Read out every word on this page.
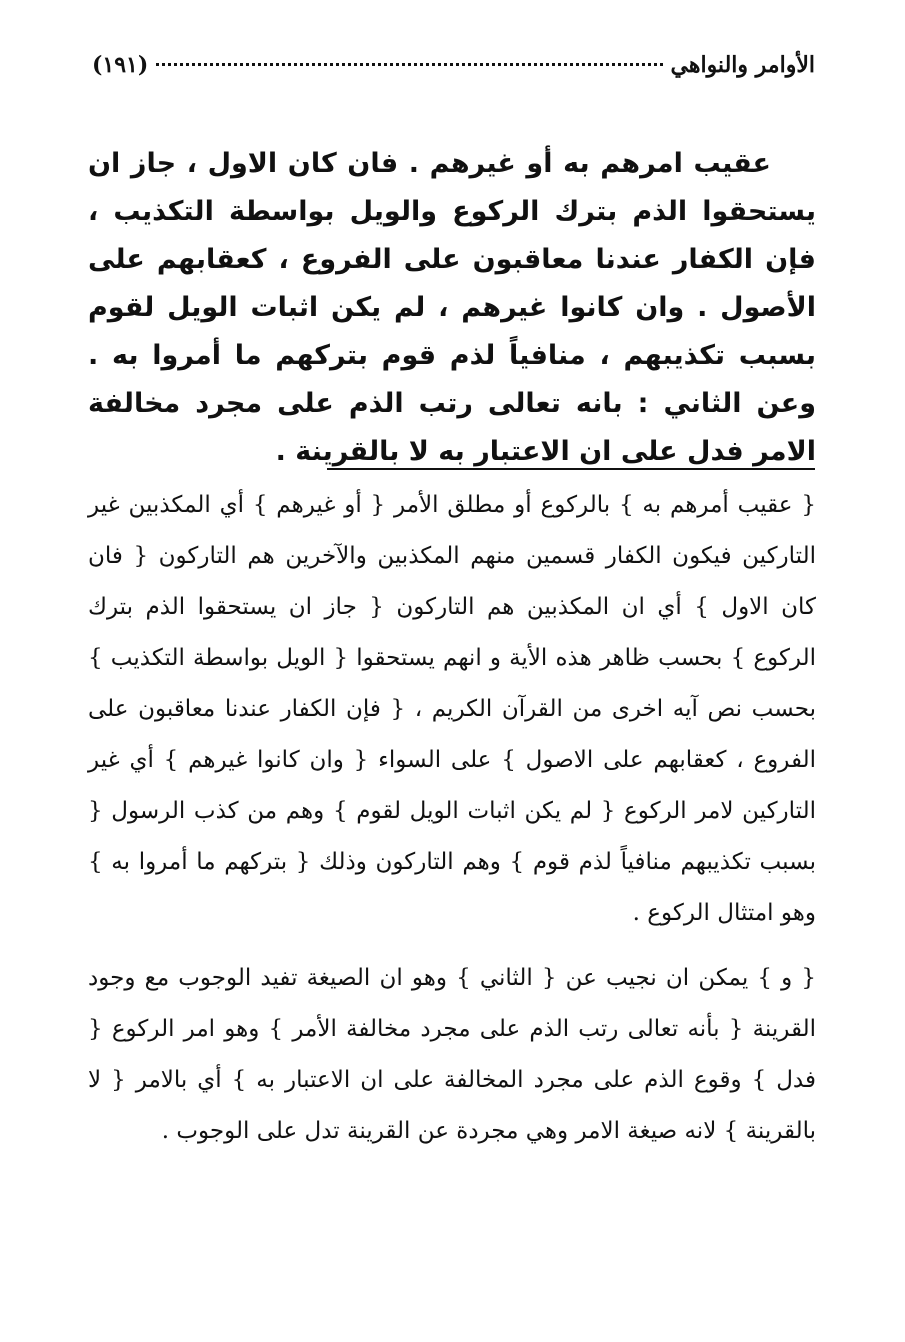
الأوامر والنواهي
(١٩١)

عقيب امرهم به أو غيرهم . فان كان الاول ، جاز ان يستحقوا الذم بترك الركوع والويل بواسطة التكذيب ، فإن الكفار عندنا معاقبون على الفروع ، كعقابهم على الأصول . وان كانوا غيرهم ، لم يكن اثبات الويل لقوم بسبب تكذيبهم ، منافياً لذم قوم بتركهم ما أمروا به . وعن الثاني : بانه تعالى رتب الذم على مجرد مخالفة الامر فدل على ان الاعتبار به لا بالقرينة .

{ عقيب أمرهم به } بالركوع أو مطلق الأمر { أو غيرهم } أي المكذبين غير التاركين فيكون الكفار قسمين منهم المكذبين والآخرين هم التاركون { فان كان الاول } أي ان المكذبين هم التاركون { جاز ان يستحقوا الذم بترك الركوع } بحسب ظاهر هذه الأية و انهم يستحقوا { الويل بواسطة التكذيب } بحسب نص آيه اخرى من القرآن الكريم ، { فإن الكفار عندنا معاقبون على الفروع ، كعقابهم على الاصول } على السواء { وان كانوا غيرهم } أي غير التاركين لامر الركوع { لم يكن اثبات الويل لقوم } وهم من كذب الرسول { بسبب تكذيبهم منافياً لذم قوم } وهم التاركون وذلك { بتركهم ما أمروا به } وهو امتثال الركوع .

{ و } يمكن ان نجيب عن { الثاني } وهو ان الصيغة تفيد الوجوب مع وجود القرينة { بأنه تعالى رتب الذم على مجرد مخالفة الأمر } وهو امر الركوع { فدل } وقوع الذم على مجرد المخالفة على ان الاعتبار به } أي بالامر { لا بالقرينة } لانه صيغة الامر وهي مجردة عن القرينة تدل على الوجوب .
